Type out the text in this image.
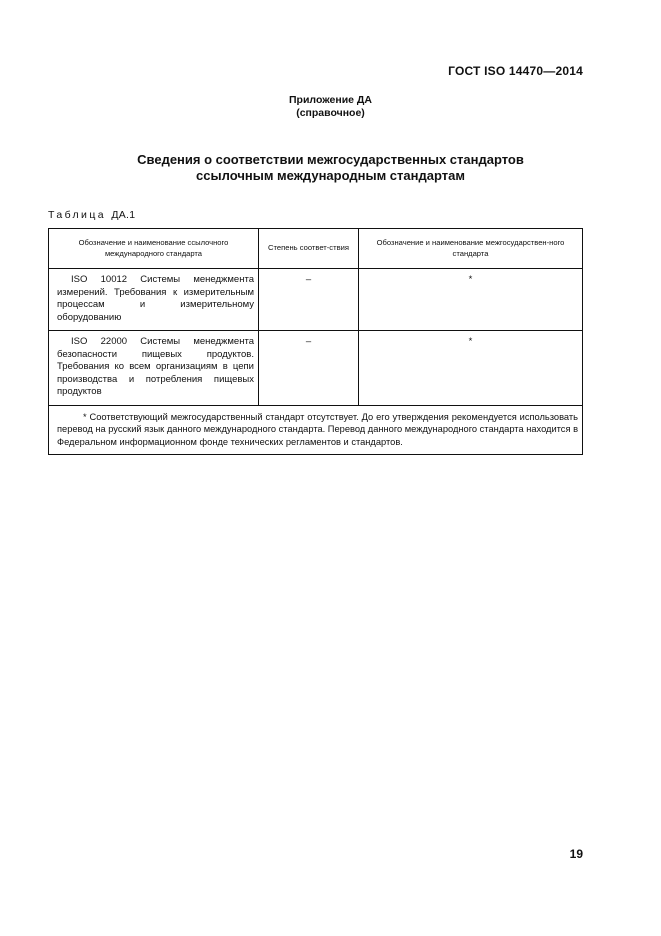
ГОСТ ISO 14470—2014
Приложение ДА
(справочное)
Сведения о соответствии межгосударственных стандартов
ссылочным международным стандартам
Таблица ДА.1
Обозначение и наименование ссылочного международного стандарта	Степень соответ-ствия	Обозначение и наименование межгосударствен-ного стандарта
ISO 10012 Системы менеджмента измерений. Требования к измерительным процессам и измерительному оборудованию	–	*
ISO 22000 Системы менеджмента безопасности пищевых продуктов. Требования ко всем организациям в цепи производства и потребления пищевых продуктов	–	*
* Соответствующий межгосударственный стандарт отсутствует. До его утверждения рекомендуется использовать перевод на русский язык данного международного стандарта. Перевод данного международного стандарта находится в Федеральном информационном фонде технических регламентов и стандартов.		
19
